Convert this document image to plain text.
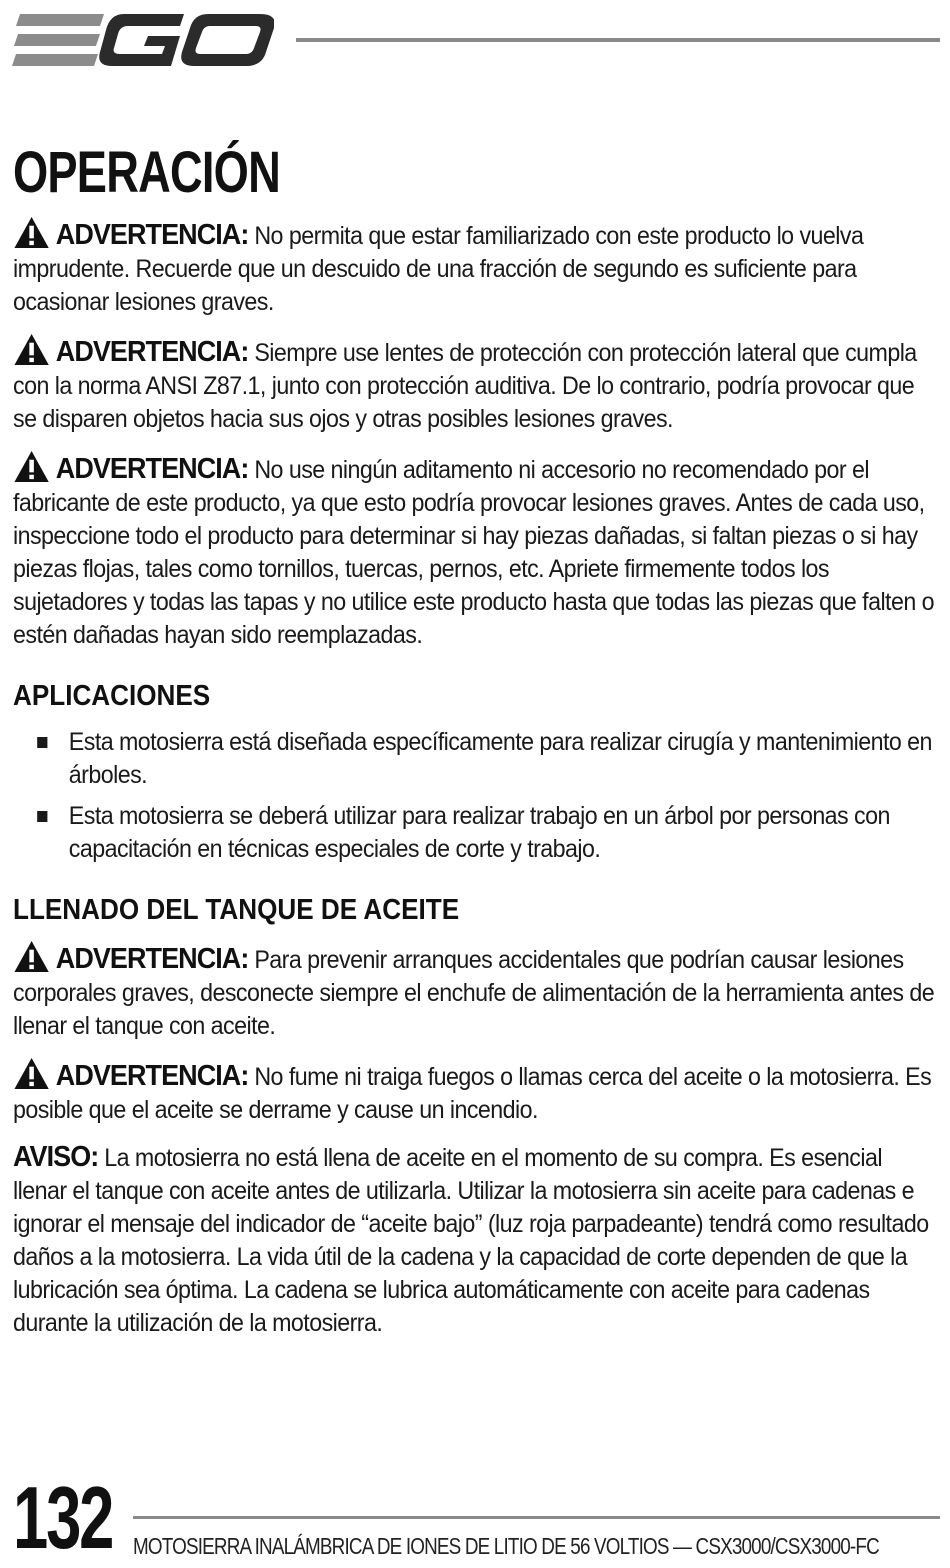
OPERACIÓN

ADVERTENCIA: No permita que estar familiarizado con este producto lo vuelva imprudente. Recuerde que un descuido de una fracción de segundo es suficiente para ocasionar lesiones graves.

ADVERTENCIA: Siempre use lentes de protección con protección lateral que cumpla con la norma ANSI Z87.1, junto con protección auditiva. De lo contrario, podría provocar que se disparen objetos hacia sus ojos y otras posibles lesiones graves.

ADVERTENCIA: No use ningún aditamento ni accesorio no recomendado por el fabricante de este producto, ya que esto podría provocar lesiones graves. Antes de cada uso, inspeccione todo el producto para determinar si hay piezas dañadas, si faltan piezas o si hay piezas flojas, tales como tornillos, tuercas, pernos, etc. Apriete firmemente todos los sujetadores y todas las tapas y no utilice este producto hasta que todas las piezas que falten o estén dañadas hayan sido reemplazadas.

APLICACIONES
Esta motosierra está diseñada específicamente para realizar cirugía y mantenimiento en árboles.
Esta motosierra se deberá utilizar para realizar trabajo en un árbol por personas con capacitación en técnicas especiales de corte y trabajo.
LLENADO DEL TANQUE DE ACEITE

ADVERTENCIA: Para prevenir arranques accidentales que podrían causar lesiones corporales graves, desconecte siempre el enchufe de alimentación de la herramienta antes de llenar el tanque con aceite.

ADVERTENCIA: No fume ni traiga fuegos o llamas cerca del aceite o la motosierra. Es posible que el aceite se derrame y cause un incendio.

AVISO: La motosierra no está llena de aceite en el momento de su compra. Es esencial llenar el tanque con aceite antes de utilizarla. Utilizar la motosierra sin aceite para cadenas e ignorar el mensaje del indicador de “aceite bajo” (luz roja parpadeante) tendrá como resultado daños a la motosierra. La vida útil de la cadena y la capacidad de corte dependen de que la lubricación sea óptima. La cadena se lubrica automáticamente con aceite para cadenas durante la utilización de la motosierra.

132 MOTOSIERRA INALÁMBRICA DE IONES DE LITIO DE 56 VOLTIOS — CSX3000/CSX3000-FC
